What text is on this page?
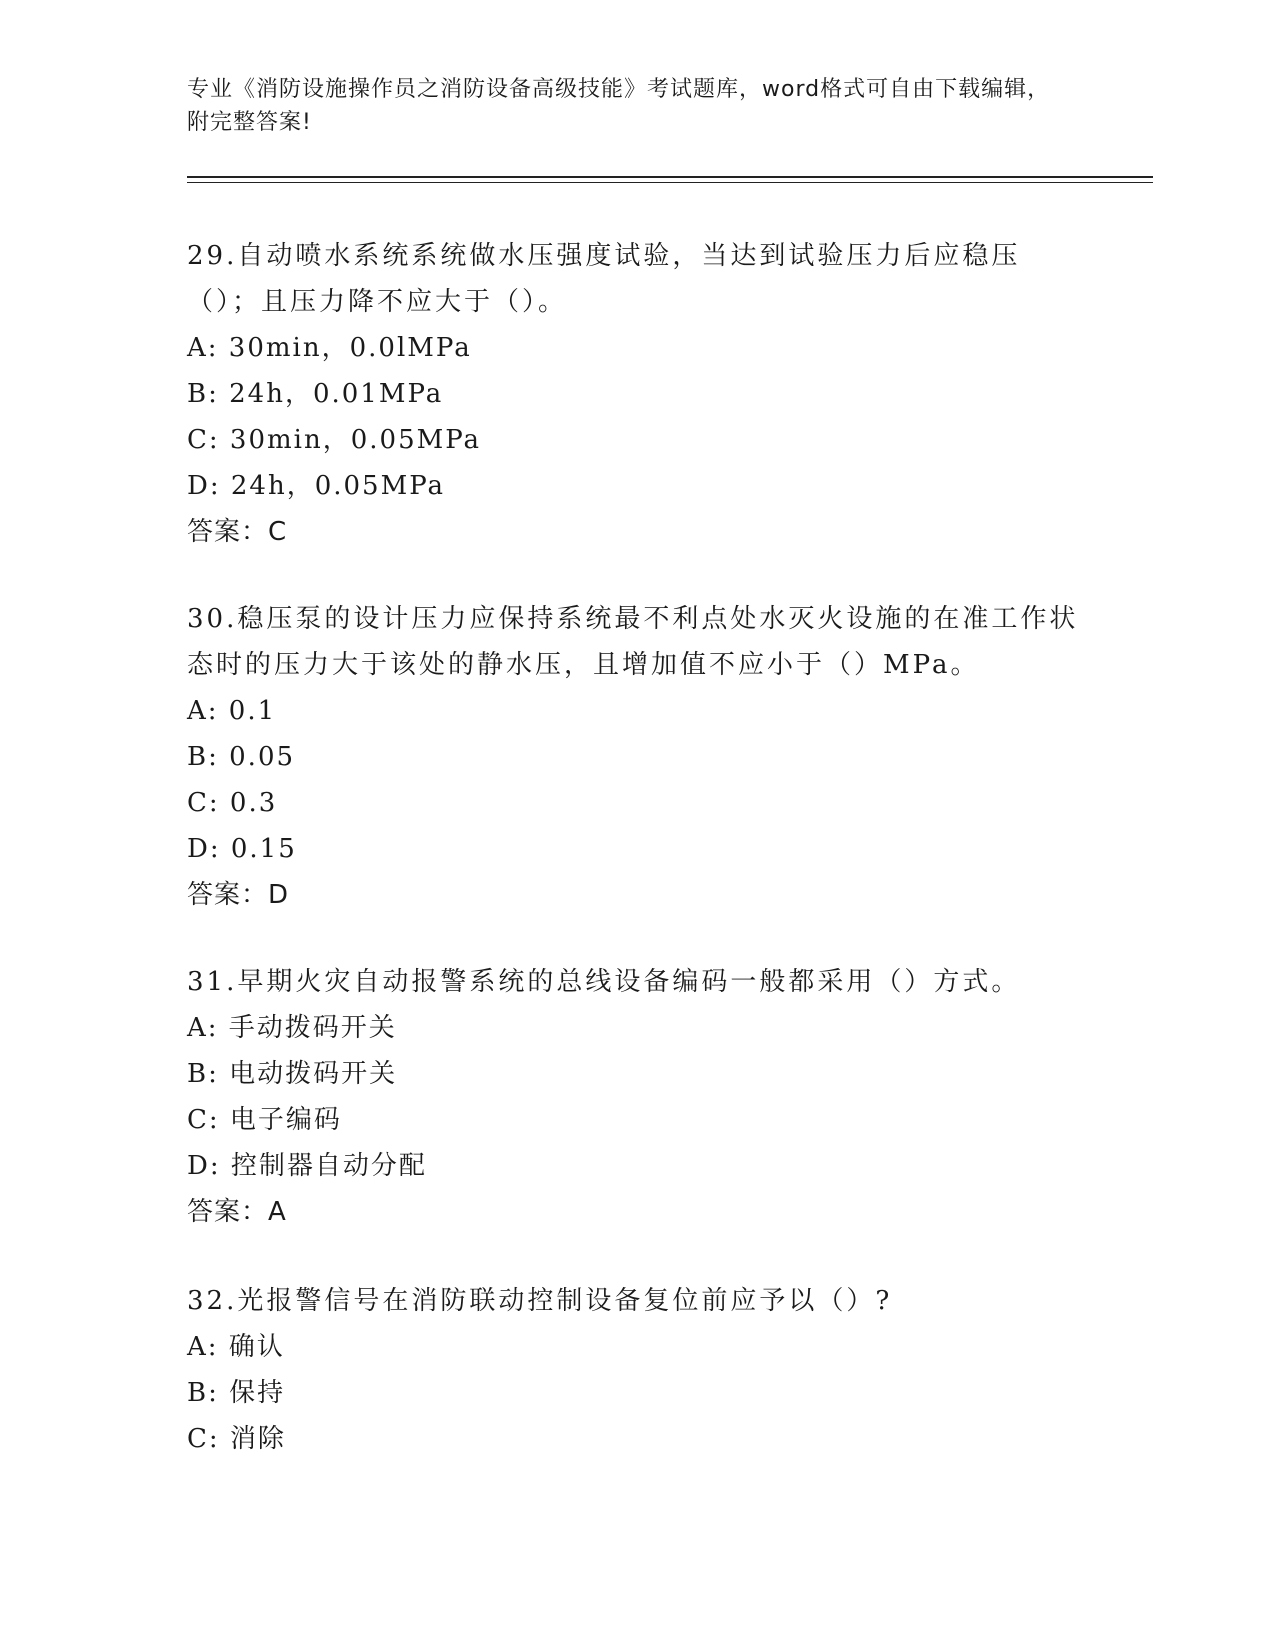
专业《消防设施操作员之消防设备高级技能》考试题库，word格式可自由下载编辑，附完整答案!

29.自动喷水系统系统做水压强度试验，当达到试验压力后应稳压（）；且压力降不应大于（）。

A: 30min，0.0lMPa

B: 24h，0.01MPa

C: 30min，0.05MPa

D: 24h，0.05MPa

答案：C

30.稳压泵的设计压力应保持系统最不利点处水灭火设施的在准工作状态时的压力大于该处的静水压，且增加值不应小于（）MPa。

A: 0.1

B: 0.05

C: 0.3

D: 0.15

答案：D

31.早期火灾自动报警系统的总线设备编码一般都采用（）方式。

A: 手动拨码开关

B: 电动拨码开关

C: 电子编码

D: 控制器自动分配

答案：A

32.光报警信号在消防联动控制设备复位前应予以（）?

A: 确认

B: 保持

C: 消除
